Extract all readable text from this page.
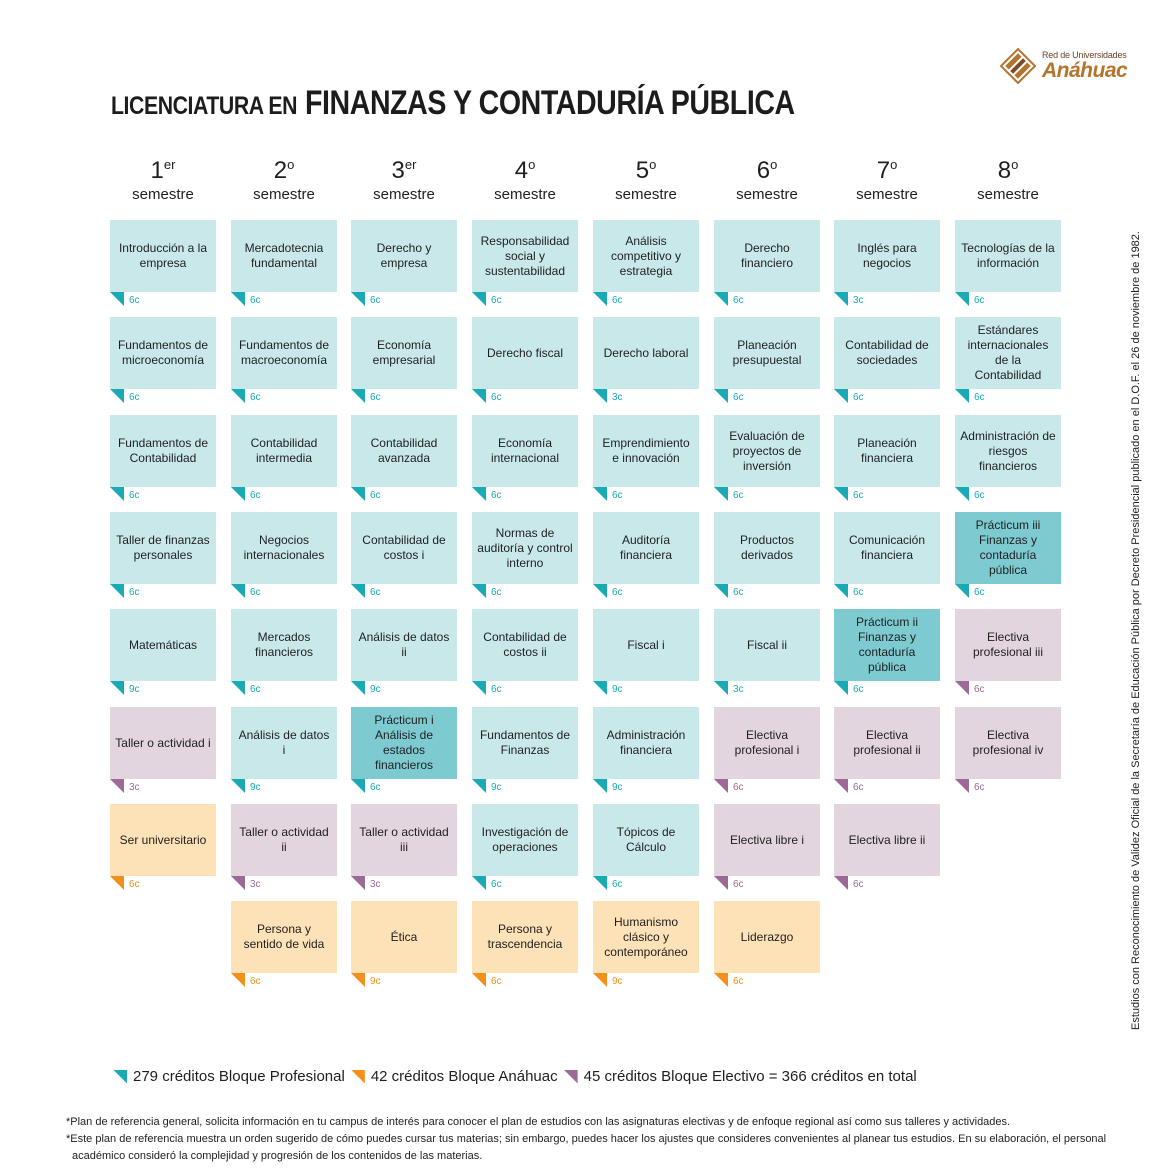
Red de Universidades
Anáhuac
LICENCIATURA ENFINANZAS Y CONTADURÍA PÚBLICA
1er
semestre
Introducción a la empresa
6c
Fundamentos de microeconomía
6c
Fundamentos de Contabilidad
6c
Taller de finanzas personales
6c
Matemáticas
9c
Taller o actividad i
3c
Ser universitario
6c
2$^o$
semestre
Mercadotecnia fundamental
6c
Fundamentos de macroeconomía
6c
Contabilidad intermedia
6c
Negocios internacionales
6c
Mercados financieros
6c
Análisis de datos i
9c
Taller o actividad ii
3c
Persona y sentido de vida
6c
3er
semestre
Derecho y empresa
6c
Economía empresarial
6c
Contabilidad avanzada
6c
Contabilidad de costos i
6c
Análisis de datos ii
9c
Prácticum i Análisis de estados financieros
6c
Taller o actividad iii
3c
Ética
9c
4$^o$
semestre
Responsabilidad social y sustentabilidad
6c
Derecho fiscal
6c
Economía internacional
6c
Normas de auditoría y control interno
6c
Contabilidad de costos ii
6c
Fundamentos de Finanzas
9c
Investigación de operaciones
6c
Persona y trascendencia
6c
5$^o$
semestre
Análisis competitivo y estrategia
6c
Derecho laboral
3c
Emprendimiento e innovación
6c
Auditoría financiera
6c
Fiscal i
9c
Administración financiera
9c
Tópicos de Cálculo
6c
Humanismo clásico y contemporáneo
9c
6$^o$
semestre
Derecho financiero
6c
Planeación presupuestal
6c
Evaluación de proyectos de inversión
6c
Productos derivados
6c
Fiscal ii
3c
Electiva profesional i
6c
Electiva libre i
6c
Liderazgo
6c
7$^o$
semestre
Inglés para negocios
3c
Contabilidad de sociedades
6c
Planeación financiera
6c
Comunicación financiera
6c
Prácticum ii Finanzas y contaduría pública
6c
Electiva profesional ii
6c
Electiva libre ii
6c
8$^o$
semestre
Tecnologías de la información
6c
Estándares internacionales de la Contabilidad
6c
Administración de riesgos financieros
6c
Prácticum iii Finanzas y contaduría pública
6c
Electiva profesional iii
6c
Electiva profesional iv
6c
279 créditos Bloque Profesional 42 créditos Bloque Anáhuac 45 créditos Bloque Electivo = 366 créditos en total
*Plan de referencia general, solicita información en tu campus de interés para conocer el plan de estudios con las asignaturas electivas y de enfoque regional así como sus talleres y actividades.
*Este plan de referencia muestra un orden sugerido de cómo puedes cursar tus materias; sin embargo, puedes hacer los ajustes que consideres convenientes al planear tus estudios. En su elaboración, el personal académico consideró la complejidad y progresión de los contenidos de las materias.
Estudios con Reconocimiento de Validez Oficial de la Secretaría de Educación Pública por Decreto Presidencial publicado en el D.O.F. el 26 de noviembre de 1982.
